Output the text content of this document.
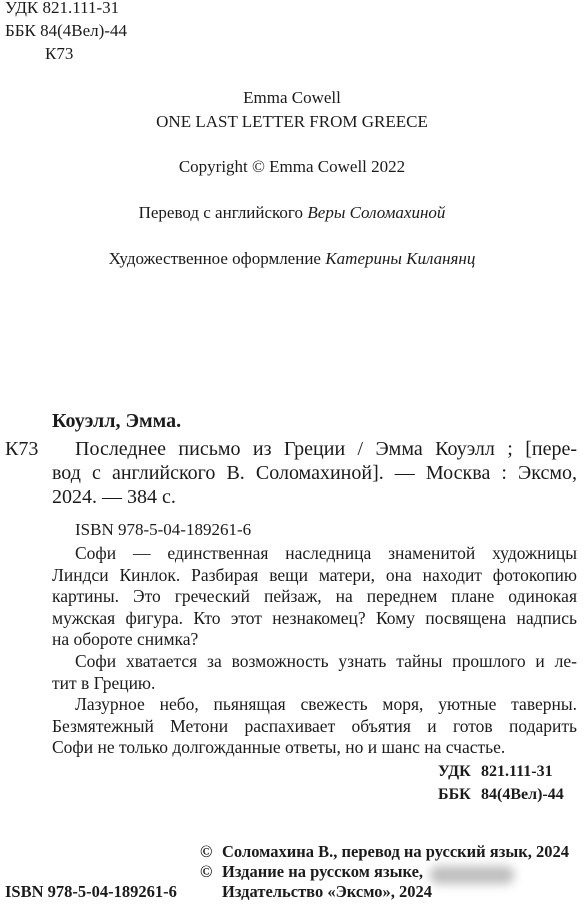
УДК 821.111-31
ББК 84(4Вел)-44
К73
Emma Cowell
ONE LAST LETTER FROM GREECE
Copyright © Emma Cowell 2022
Перевод с английского Веры Соломахиной
Художественное оформление Катерины Киланянц
Коуэлл, Эмма.
К73	Последнее письмо из Греции / Эмма Коуэлл ; [пере-
вод с английского В. Соломахиной]. — Москва : Эксмо,
2024. — 384 с.
ISBN 978-5-04-189261-6
Софи — единственная наследница знаменитой художницы
Линдси Кинлок. Разбирая вещи матери, она находит фотокопию
картины. Это греческий пейзаж, на переднем плане одинокая
мужская фигура. Кто этот незнакомец? Кому посвящена надпись
на обороте снимка?
Софи хватается за возможность узнать тайны прошлого и ле-
тит в Грецию.
Лазурное небо, пьянящая свежесть моря, уютные таверны.
Безмятежный Метони распахивает объятия и готов подарить
Софи не только долгожданные ответы, но и шанс на счастье.
УДК 821.111-31
ББК 84(4Вел)-44
© Соломахина В., перевод на русский язык, 2024
© Издание на русском языке,
ISBN 978-5-04-189261-6	Издательство «Эксмо», 2024
